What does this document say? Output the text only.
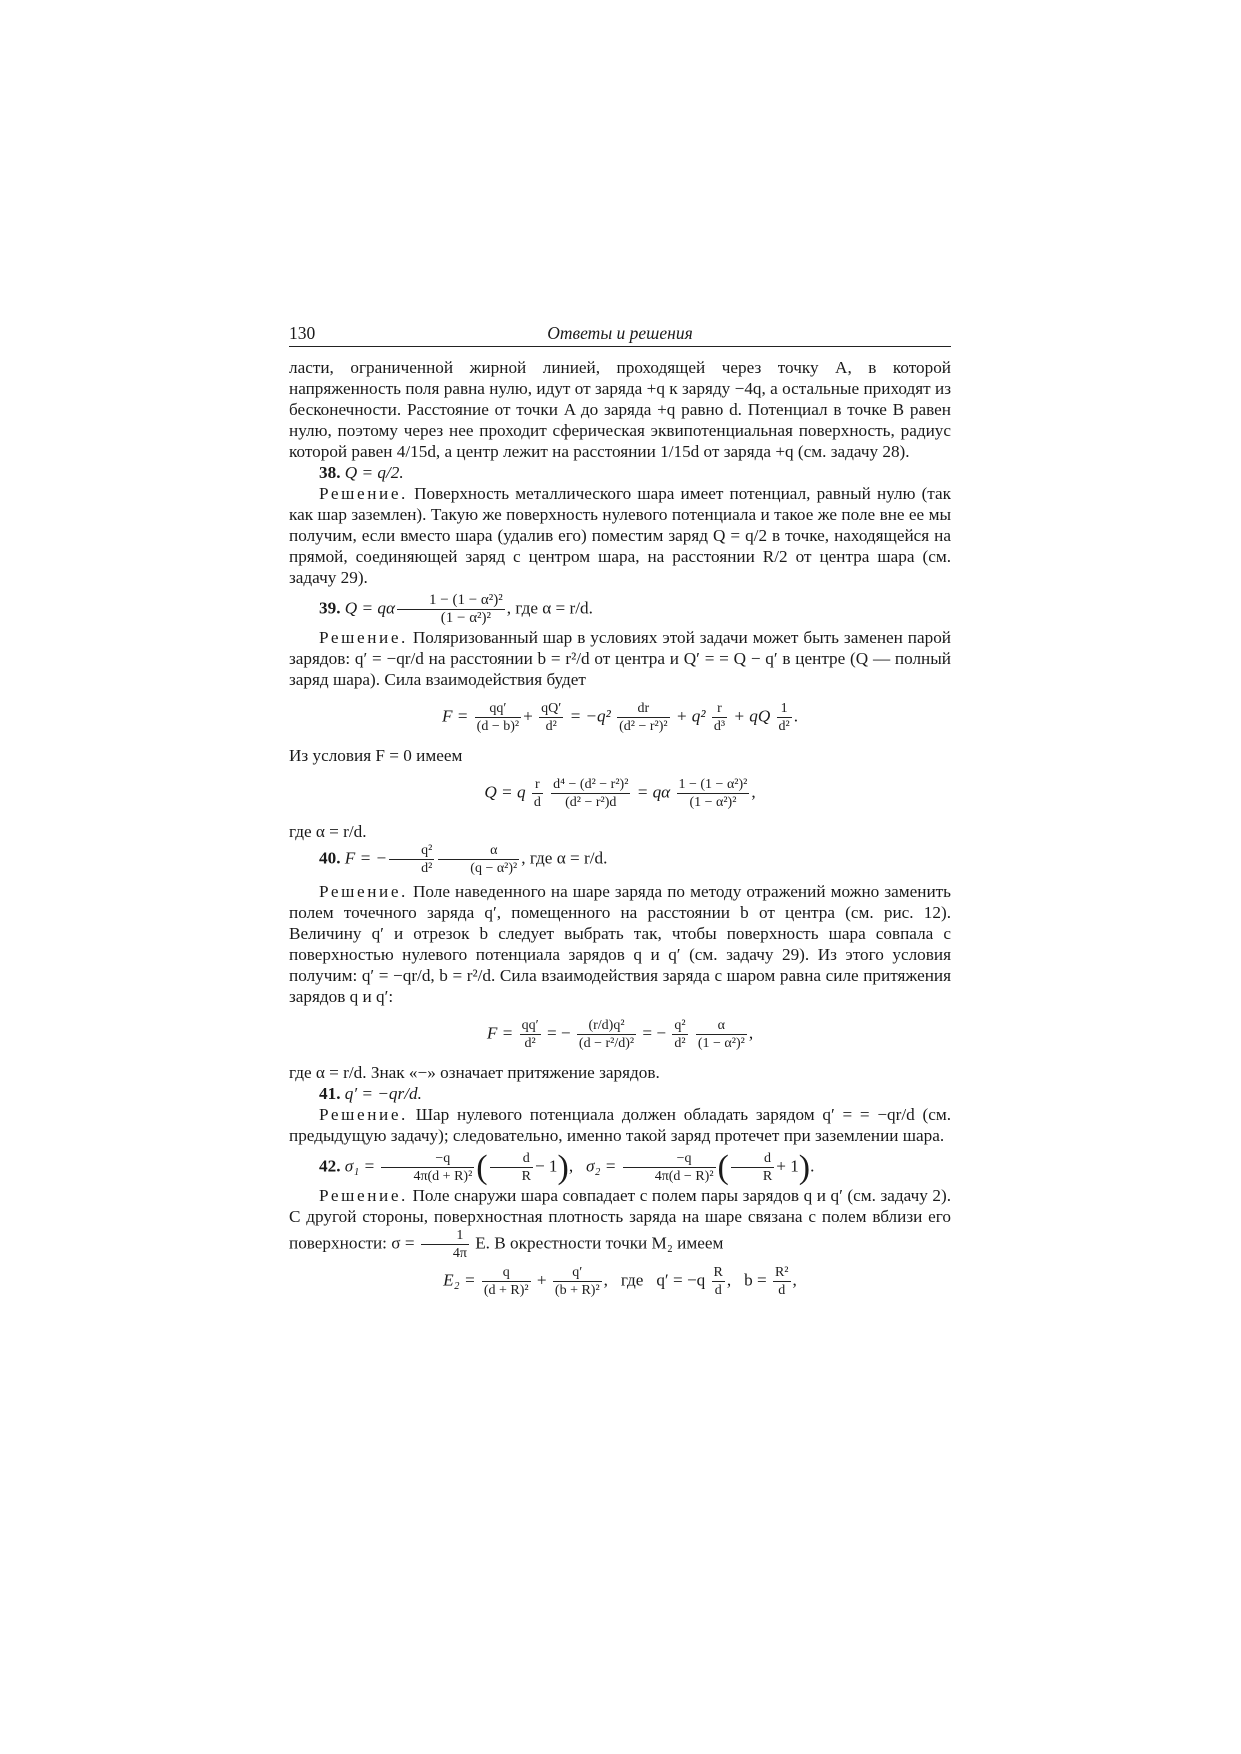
130	Ответы и решения

ласти, ограниченной жирной линией, проходящей через точку A, в которой напряженность поля равна нулю, идут от заряда +q к заряду −4q, а остальные приходят из бесконечности. Расстояние от точки A до заряда +q равно d. Потенциал в точке B равен нулю, поэтому через нее проходит сферическая эквипотенциальная поверхность, радиус которой равен 4/15d, а центр лежит на расстоянии 1/15d от заряда +q (см. задачу 28).

38. Q = q/2.

Решение. Поверхность металлического шара имеет потенциал, равный нулю (так как шар заземлен). Такую же поверхность нулевого потенциала и такое же поле вне ее мы получим, если вместо шара (удалив его) поместим заряд Q = q/2 в точке, находящейся на прямой, соединяющей заряд с центром шара, на расстоянии R/2 от центра шара (см. задачу 29).

39. Q = qα $\frac{\text{1 − (1 − α²)²}}{\text{(1 − α²)²}}$ , где α = r/d.

Решение. Поляризованный шар в условиях этой задачи может быть заменен парой зарядов: q′ = −qr/d на расстоянии b = r²/d от центра и Q′ = = Q − q′ в центре (Q — полный заряд шара). Сила взаимодействия будет

$F = \frac{qq'}{\text{(d − b)²}} + \frac{qQ'}{\text{d²}} = -q^2 \frac{dr}{\text{(d² − r²)²}} + q^2 \frac{r}{\text{d³}}$ + qQ $\frac{1}{\text{d²}}$ .

Из условия F = 0 имеем

Q = q $\frac{r}{d}$
$\frac{\text{d⁴ − (d² − r²)²}}{\text{(d² − r²)d}} = q\alpha \frac{\text{1 − (1 − α²)²}}{\text{(1 − α²)²}}$ ,

где α = r/d.

40. F = − $\frac{\text{q²}}{\text{d²}} \frac{\alpha}{\text{(q − α²)²}}$ , где α = r/d.

Решение. Поле наведенного на шаре заряда по методу отражений можно заменить полем точечного заряда q′, помещенного на расстоянии b от центра (см. рис. 12). Величину q′ и отрезок b следует выбрать так, чтобы поверхность шара совпала с поверхностью нулевого потенциала зарядов q и q′ (см. задачу 29). Из этого условия получим: q′ = −qr/d, b = r²/d. Сила взаимодействия заряда с шаром равна силе притяжения зарядов q и q′:

$F = \frac{qq'}{\text{d²}}$ = − $\frac{\text{(r/d)q²}}{\text{(d − r²/d)²}}$ = − $\frac{\text{q²}}{\text{d²}}$
$\frac{\alpha}{\text{(1 − α²)²}}$ ,

где α = r/d. Знак «−» означает притяжение зарядов.

41. q′ = −qr/d.

Решение. Шар нулевого потенциала должен обладать зарядом q′ = = −qr/d (см. предыдущую задачу); следовательно, именно такой заряд протечет при заземлении шара.

42. $\sigma_1 = \frac{-q}{\text{4π(d + R)²}}$ ( $\frac{d}{R} - 1$), $\sigma_2 = \frac{-q}{\text{4π(d − R)²}}$ ( $\frac{d}{R} + 1$).

Решение. Поле снаружи шара совпадает с полем пары зарядов q и q′ (см. задачу 2). С другой стороны, поверхностная плотность заряда на шаре связана с полем вблизи его поверхности: $\sigma = \frac{1}{4\pi} E$. В окрестности точки M₂ имеем

$E_2 = \frac{q}{\text{(d + R)²}} + \frac{q'}{\text{(b + R)²}}$ ,   где   $q' = -q \frac{R}{d}$ ,   $b = \frac{\text{R²}}{d}$ ,
